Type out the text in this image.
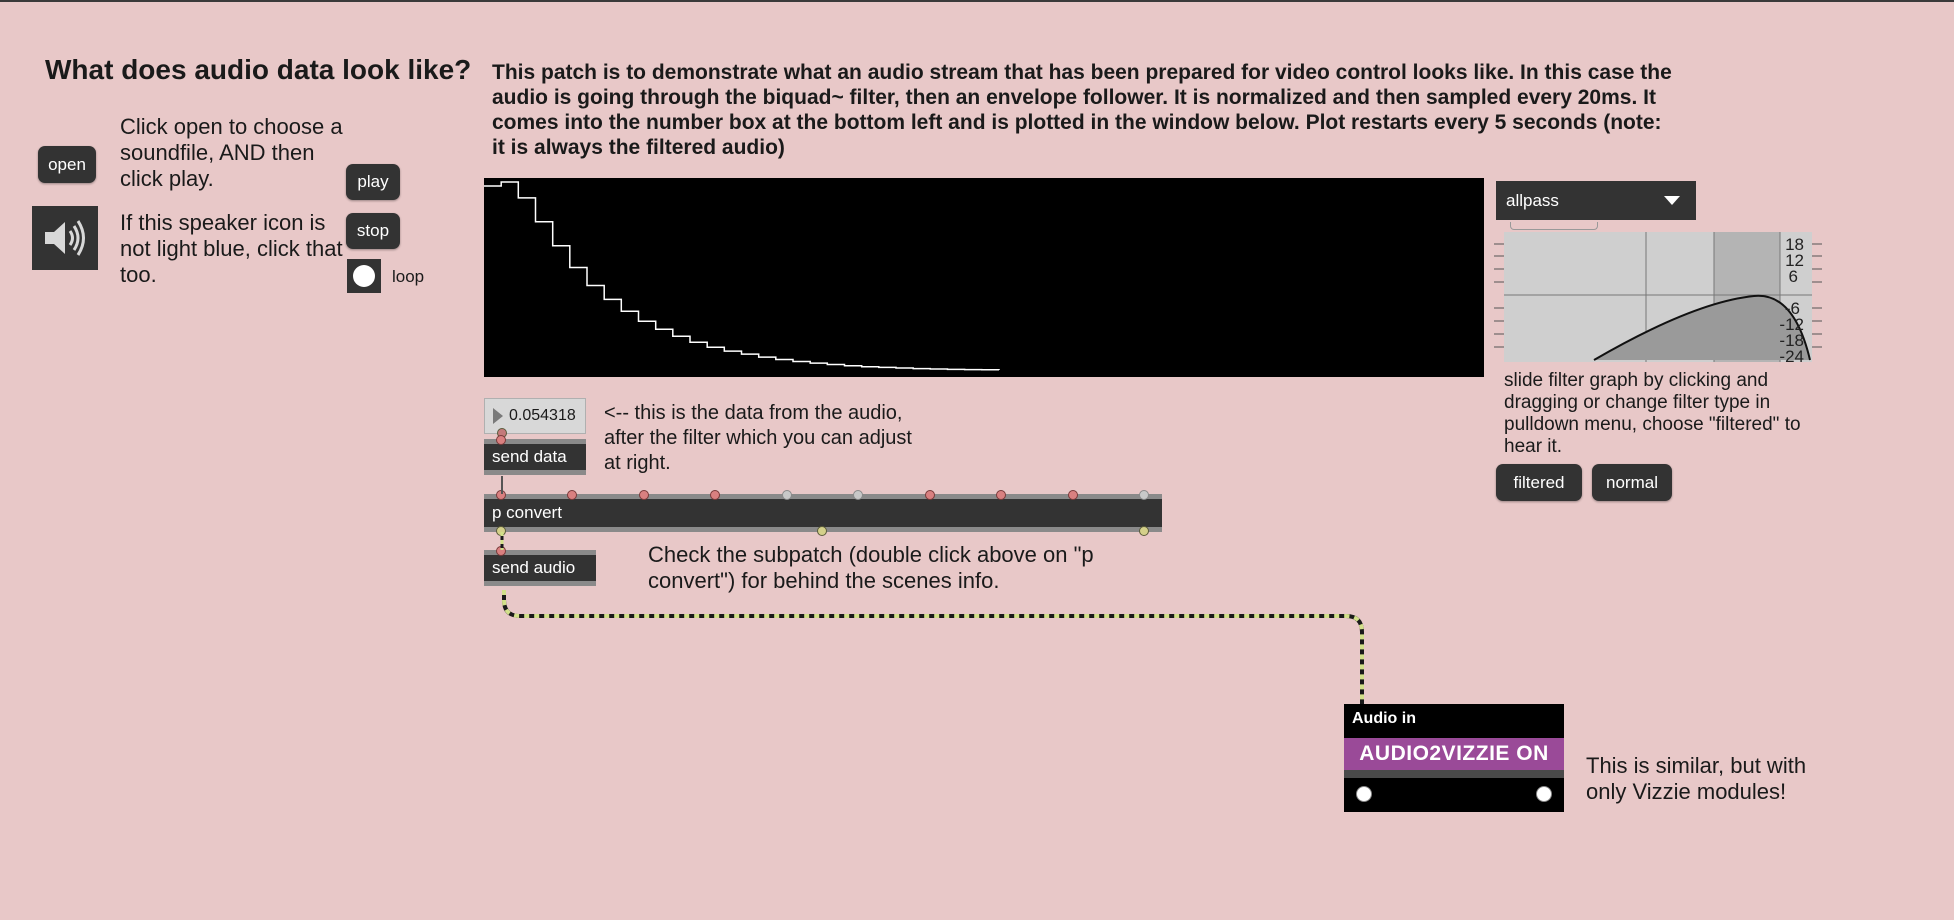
What does audio data look like? This patch is to demonstrate what an audio stream that has been prepared for video control looks like. In this case the audio is going through the biquad~ filter, then an envelope follower. It is normalized and then sampled every 20ms. It comes into the number box at the bottom left and is plotted in the window below. Plot restarts every 5 seconds (note: it is always the filtered audio)
open
Click open to choose a soundfile, AND then click play.
If this speaker icon is not light blue, click that too.
play
stop
loop
0.054318 <-- this is the data from the audio, after the filter which you can adjust at right.
send data
p convert
send audio
Check the subpatch (double click above on "p convert") for behind the scenes info.
allpass
18
12
6
-6
-12
-18
-24
slide filter graph by clicking and dragging or change filter type in pulldown menu, choose "filtered" to hear it.
filtered	normal
Audio in
AUDIO2VIZZIE ON	This is similar, but with only Vizzie modules!
